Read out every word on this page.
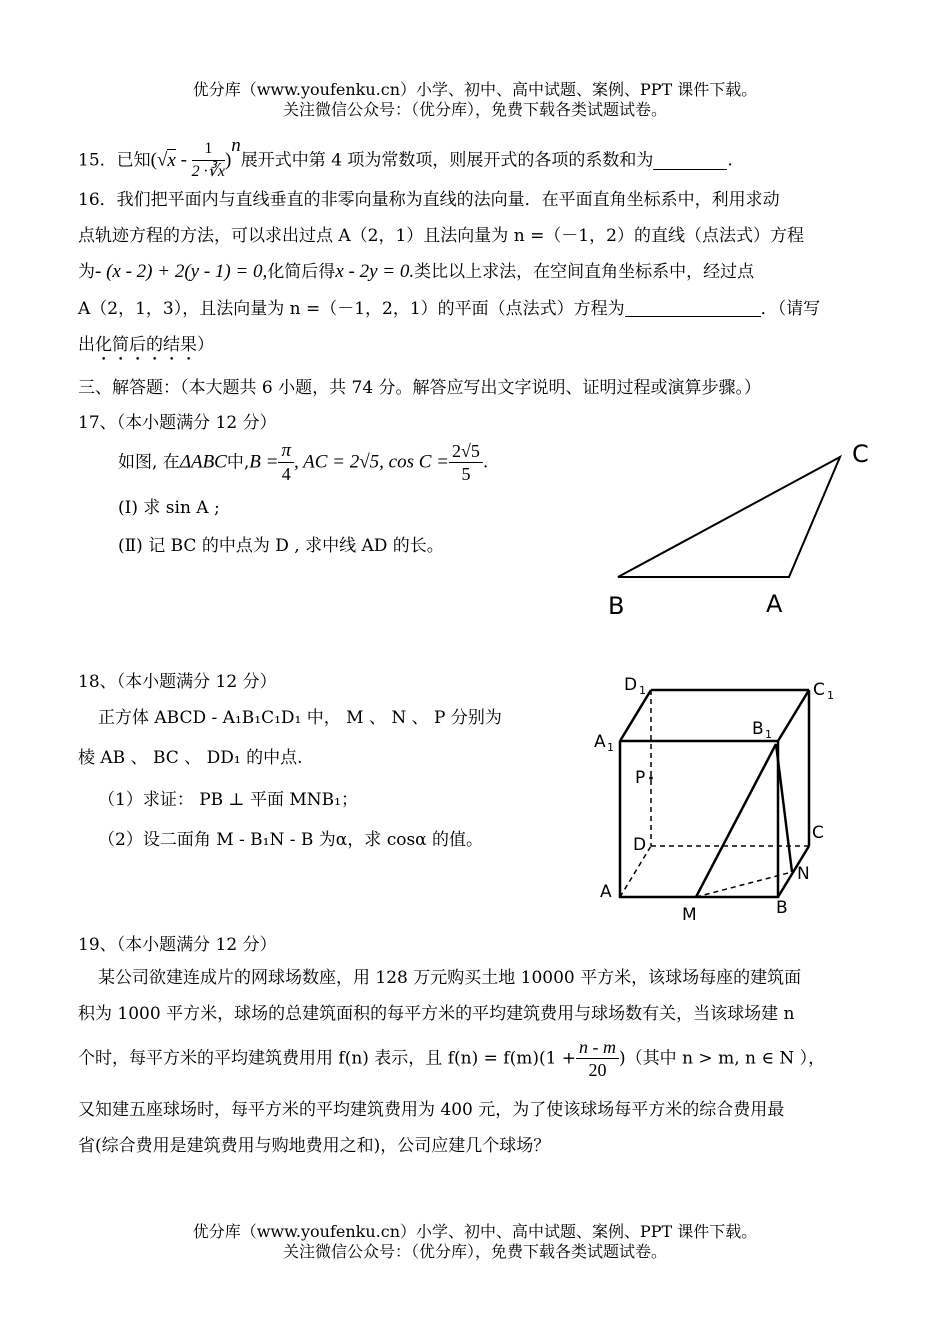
优分库（www.youfenku.cn）小学、初中、高中试题、案例、PPT 课件下载。
关注微信公众号：（优分库），免费下载各类试题试卷。
15．已知$(√x - \frac{1}{2 \cdot∛x} )^n$展开式中第 4 项为常数项，则展开式的各项的系数和为	.
16．我们把平面内与直线垂直的非零向量称为直线的法向量．在平面直角坐标系中，利用求动
点轨迹方程的方法，可以求出过点 A（2，1）且法向量为 n =（－1，2）的直线（点法式）方程
为- (x - 2) + 2(y - 1) = 0,化简后得x - 2y = 0.类比以上求法，在空间直角坐标系中，经过点
A（2，1，3），且法向量为 n =（－1，2，1）的平面（点法式）方程为	．（请写
出化简后的结果）
三、解答题：（本大题共 6 小题，共 74 分。解答应写出文字说明、证明过程或演算步骤。）
17、（本小题满分 12 分）
如图, 在ΔABC中$,B = \frac{\pi}{4}$ , AC = 2√5, $\cos C = \frac{2√5}{5}$ .
(Ⅰ) 求 sin A ;
(Ⅱ) 记 BC 的中点为 D , 求中线 AD 的长。
B	A
C
18、（本小题满分 12 分）
正方体 ABCD - A₁B₁C₁D₁ 中， M 、 N 、 P 分别为
棱 AB 、 BC 、 DD₁ 的中点.
（1）求证： PB ⊥ 平面 MNB₁；
（2）设二面角 M - B₁N - B 为α，求 cosα 的值。
D 1	C 1
A 1
B 1
P
D
C
A
M	B
N
19、（本小题满分 12 分）
某公司欲建连成片的网球场数座，用 128 万元购买土地 10000 平方米，该球场每座的建筑面
积为 1000 平方米，球场的总建筑面积的每平方米的平均建筑费用与球场数有关，当该球场建 n
个时，每平方米的平均建筑费用用 f(n) 表示，且 $f(n) = f(m)(1 + \frac{n - m}{20}$ )（其中 n > m, n ∈ N ），
又知建五座球场时，每平方米的平均建筑费用为 400 元，为了使该球场每平方米的综合费用最
省(综合费用是建筑费用与购地费用之和)，公司应建几个球场？
优分库（www.youfenku.cn）小学、初中、高中试题、案例、PPT 课件下载。
关注微信公众号：（优分库），免费下载各类试题试卷。
